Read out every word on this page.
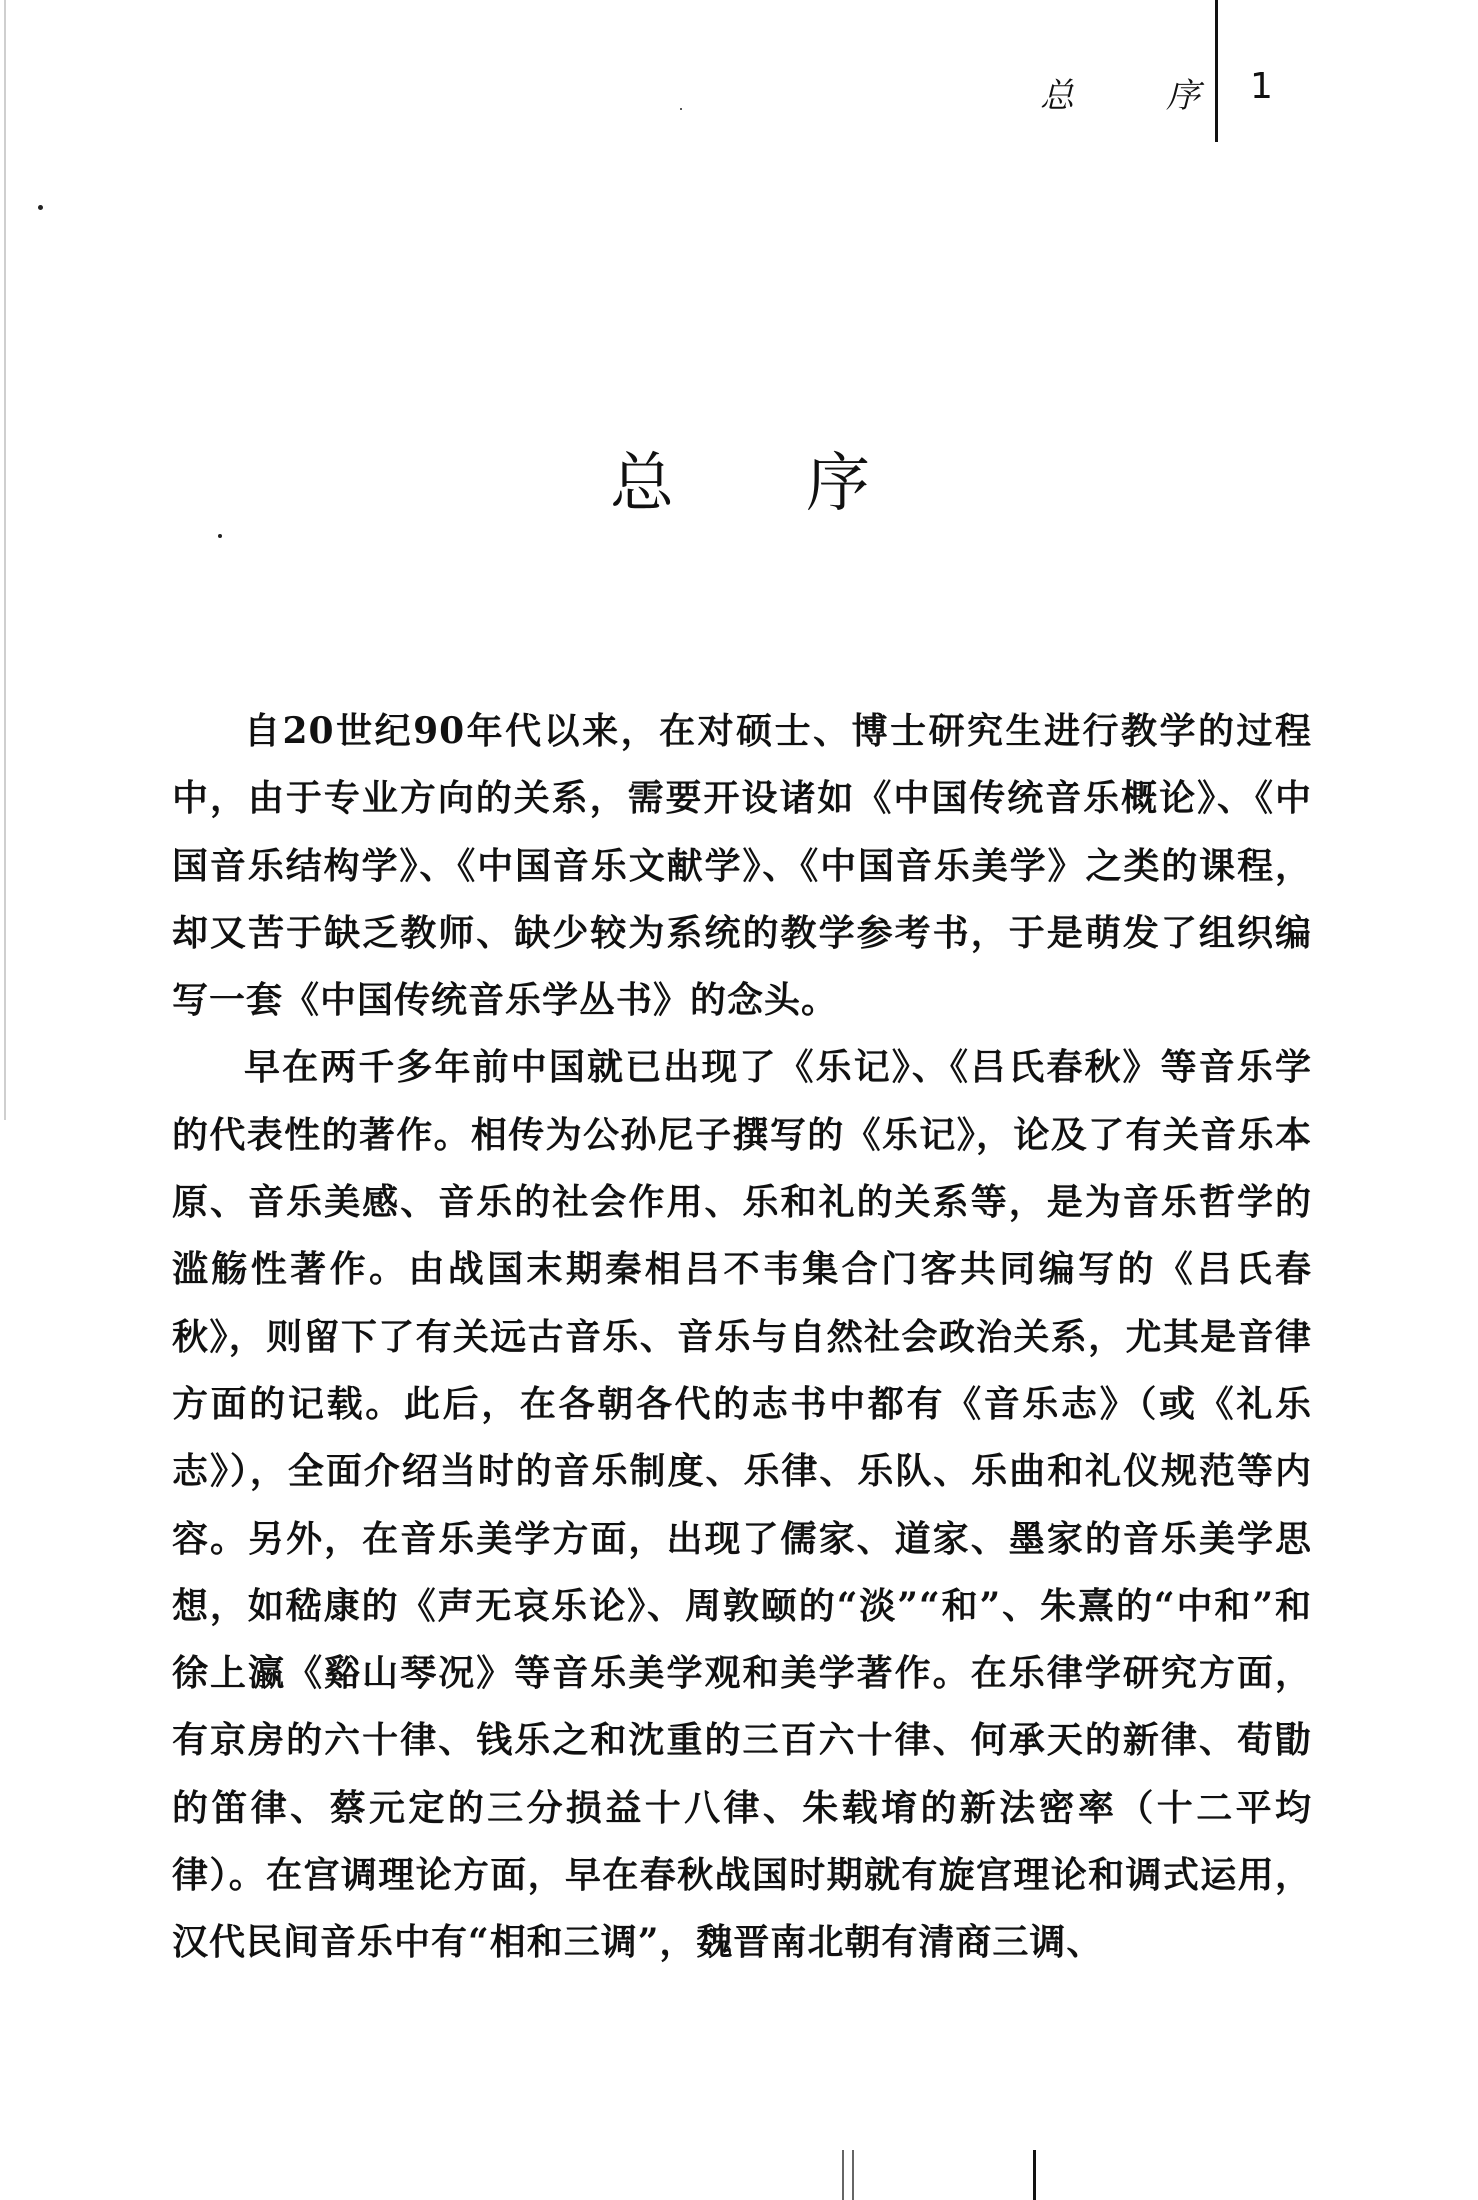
总	序 1
总 序

自20世纪90年代以来，在对硕士、博士研究生进行教学的过程中，由于专业方向的关系，需要开设诸如《中国传统音乐概论》、《中国音乐结构学》、《中国音乐文献学》、《中国音乐美学》之类的课程，却又苦于缺乏教师、缺少较为系统的教学参考书，于是萌发了组织编写一套《中国传统音乐学丛书》的念头。

早在两千多年前中国就已出现了《乐记》、《吕氏春秋》等音乐学的代表性的著作。相传为公孙尼子撰写的《乐记》，论及了有关音乐本原、音乐美感、音乐的社会作用、乐和礼的关系等，是为音乐哲学的滥觞性著作。由战国末期秦相吕不韦集合门客共同编写的《吕氏春秋》，则留下了有关远古音乐、音乐与自然社会政治关系，尤其是音律方面的记载。此后，在各朝各代的志书中都有《音乐志》（或《礼乐志》），全面介绍当时的音乐制度、乐律、乐队、乐曲和礼仪规范等内容。另外，在音乐美学方面，出现了儒家、道家、墨家的音乐美学思想，如嵇康的《声无哀乐论》、周敦颐的“淡”“和”、朱熹的“中和”和徐上瀛《谿山琴况》等音乐美学观和美学著作。在乐律学研究方面，有京房的六十律、钱乐之和沈重的三百六十律、何承天的新律、荀勖的笛律、蔡元定的三分损益十八律、朱载堉的新法密率（十二平均律）。在宫调理论方面，早在春秋战国时期就有旋宫理论和调式运用，汉代民间音乐中有“相和三调”，魏晋南北朝有清商三调、
